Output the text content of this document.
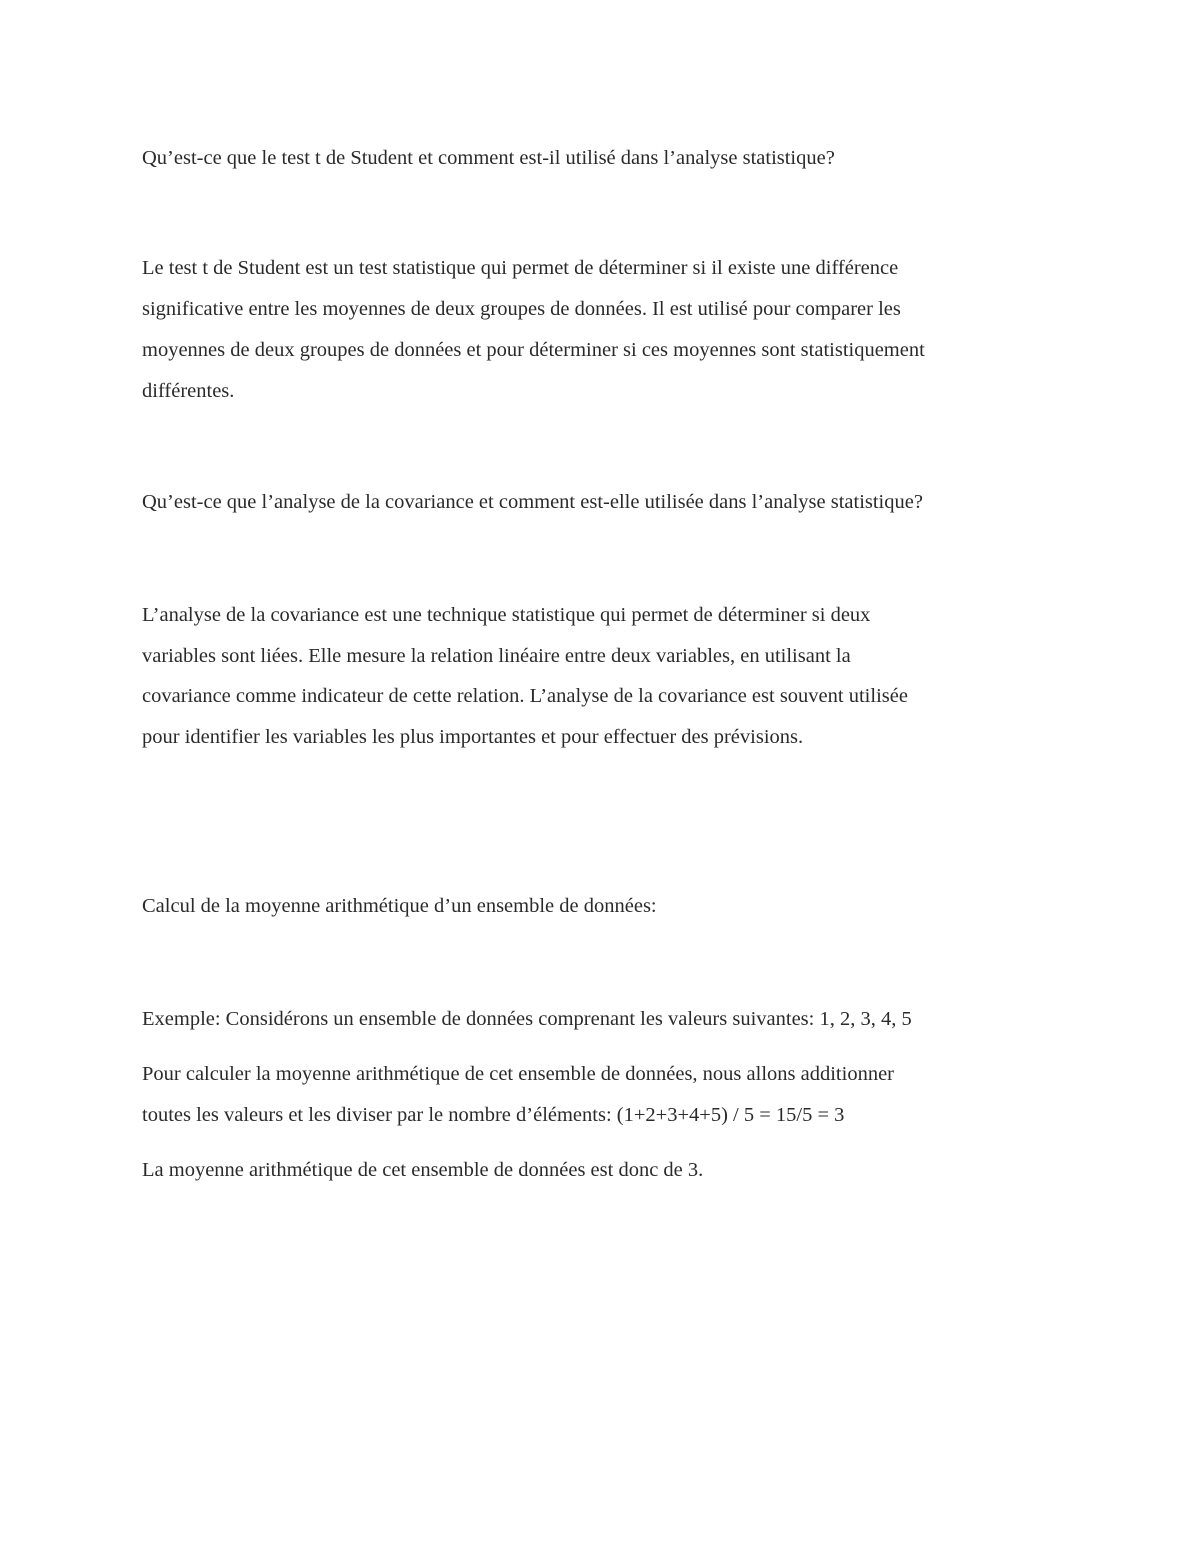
Qu’est-ce que le test t de Student et comment est-il utilisé dans l’analyse statistique?

Le test t de Student est un test statistique qui permet de déterminer si il existe une différence

significative entre les moyennes de deux groupes de données. Il est utilisé pour comparer les

moyennes de deux groupes de données et pour déterminer si ces moyennes sont statistiquement

différentes.

Qu’est-ce que l’analyse de la covariance et comment est-elle utilisée dans l’analyse statistique?

L’analyse de la covariance est une technique statistique qui permet de déterminer si deux

variables sont liées. Elle mesure la relation linéaire entre deux variables, en utilisant la

covariance comme indicateur de cette relation. L’analyse de la covariance est souvent utilisée

pour identifier les variables les plus importantes et pour effectuer des prévisions.

Calcul de la moyenne arithmétique d’un ensemble de données:

Exemple: Considérons un ensemble de données comprenant les valeurs suivantes: 1, 2, 3, 4, 5

Pour calculer la moyenne arithmétique de cet ensemble de données, nous allons additionner

toutes les valeurs et les diviser par le nombre d’éléments: (1+2+3+4+5) / 5 = 15/5 = 3

La moyenne arithmétique de cet ensemble de données est donc de 3.
